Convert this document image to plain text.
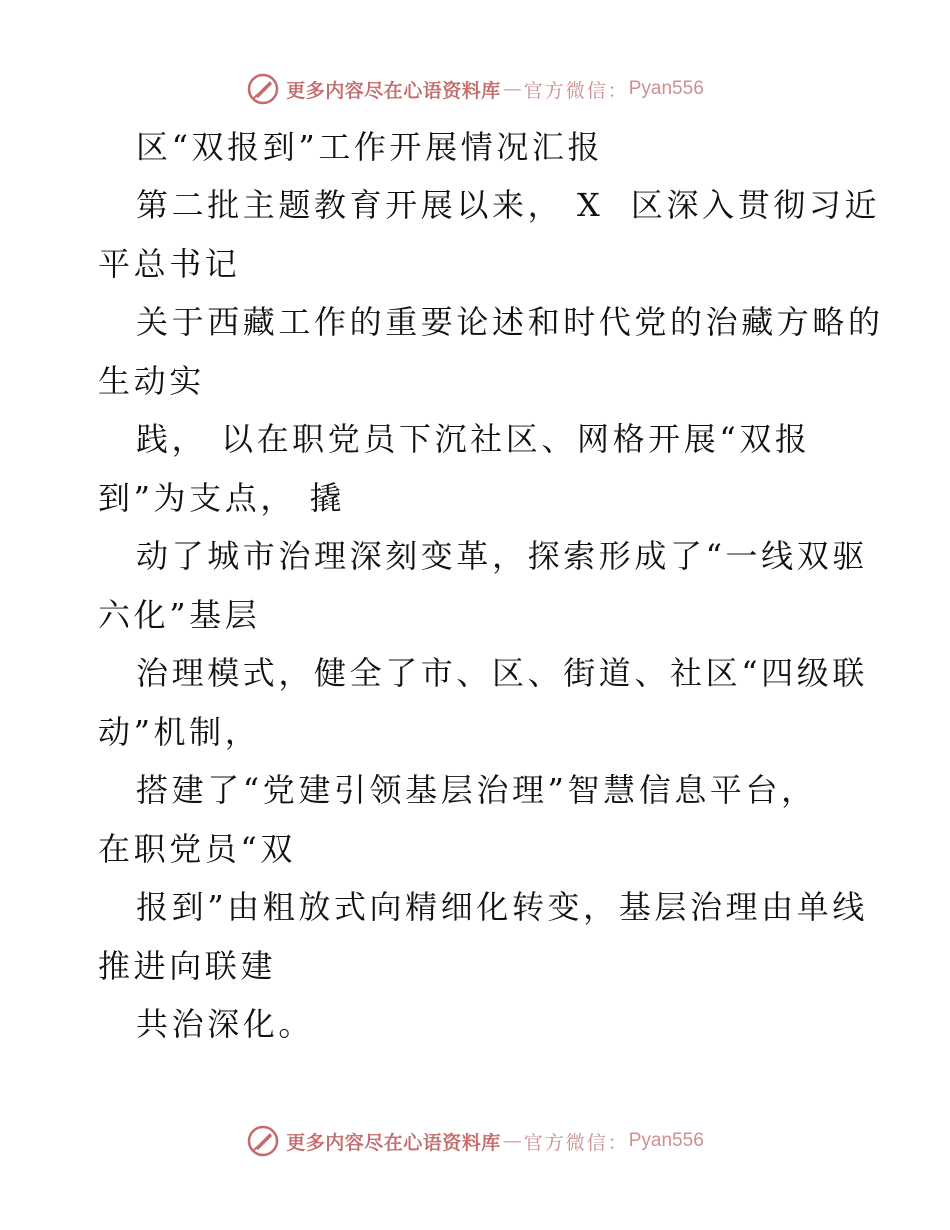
更多内容尽在心语资料库 — 官方微信： Pyan556
区“双报到”工作开展情况汇报
第二批主题教育开展以来， X  区深入贯彻习近
平总书记
关于西藏工作的重要论述和时代党的治藏方略的
生动实
践， 以在职党员下沉社区、网格开展“双报
到”为支点， 撬
动了城市治理深刻变革，探索形成了“一线双驱
六化”基层
治理模式，健全了市、区、街道、社区“四级联
动”机制，
搭建了“党建引领基层治理”智慧信息平台，
在职党员“双
报到”由粗放式向精细化转变，基层治理由单线
推进向联建
共治深化。
更多内容尽在心语资料库 — 官方微信： Pyan556
